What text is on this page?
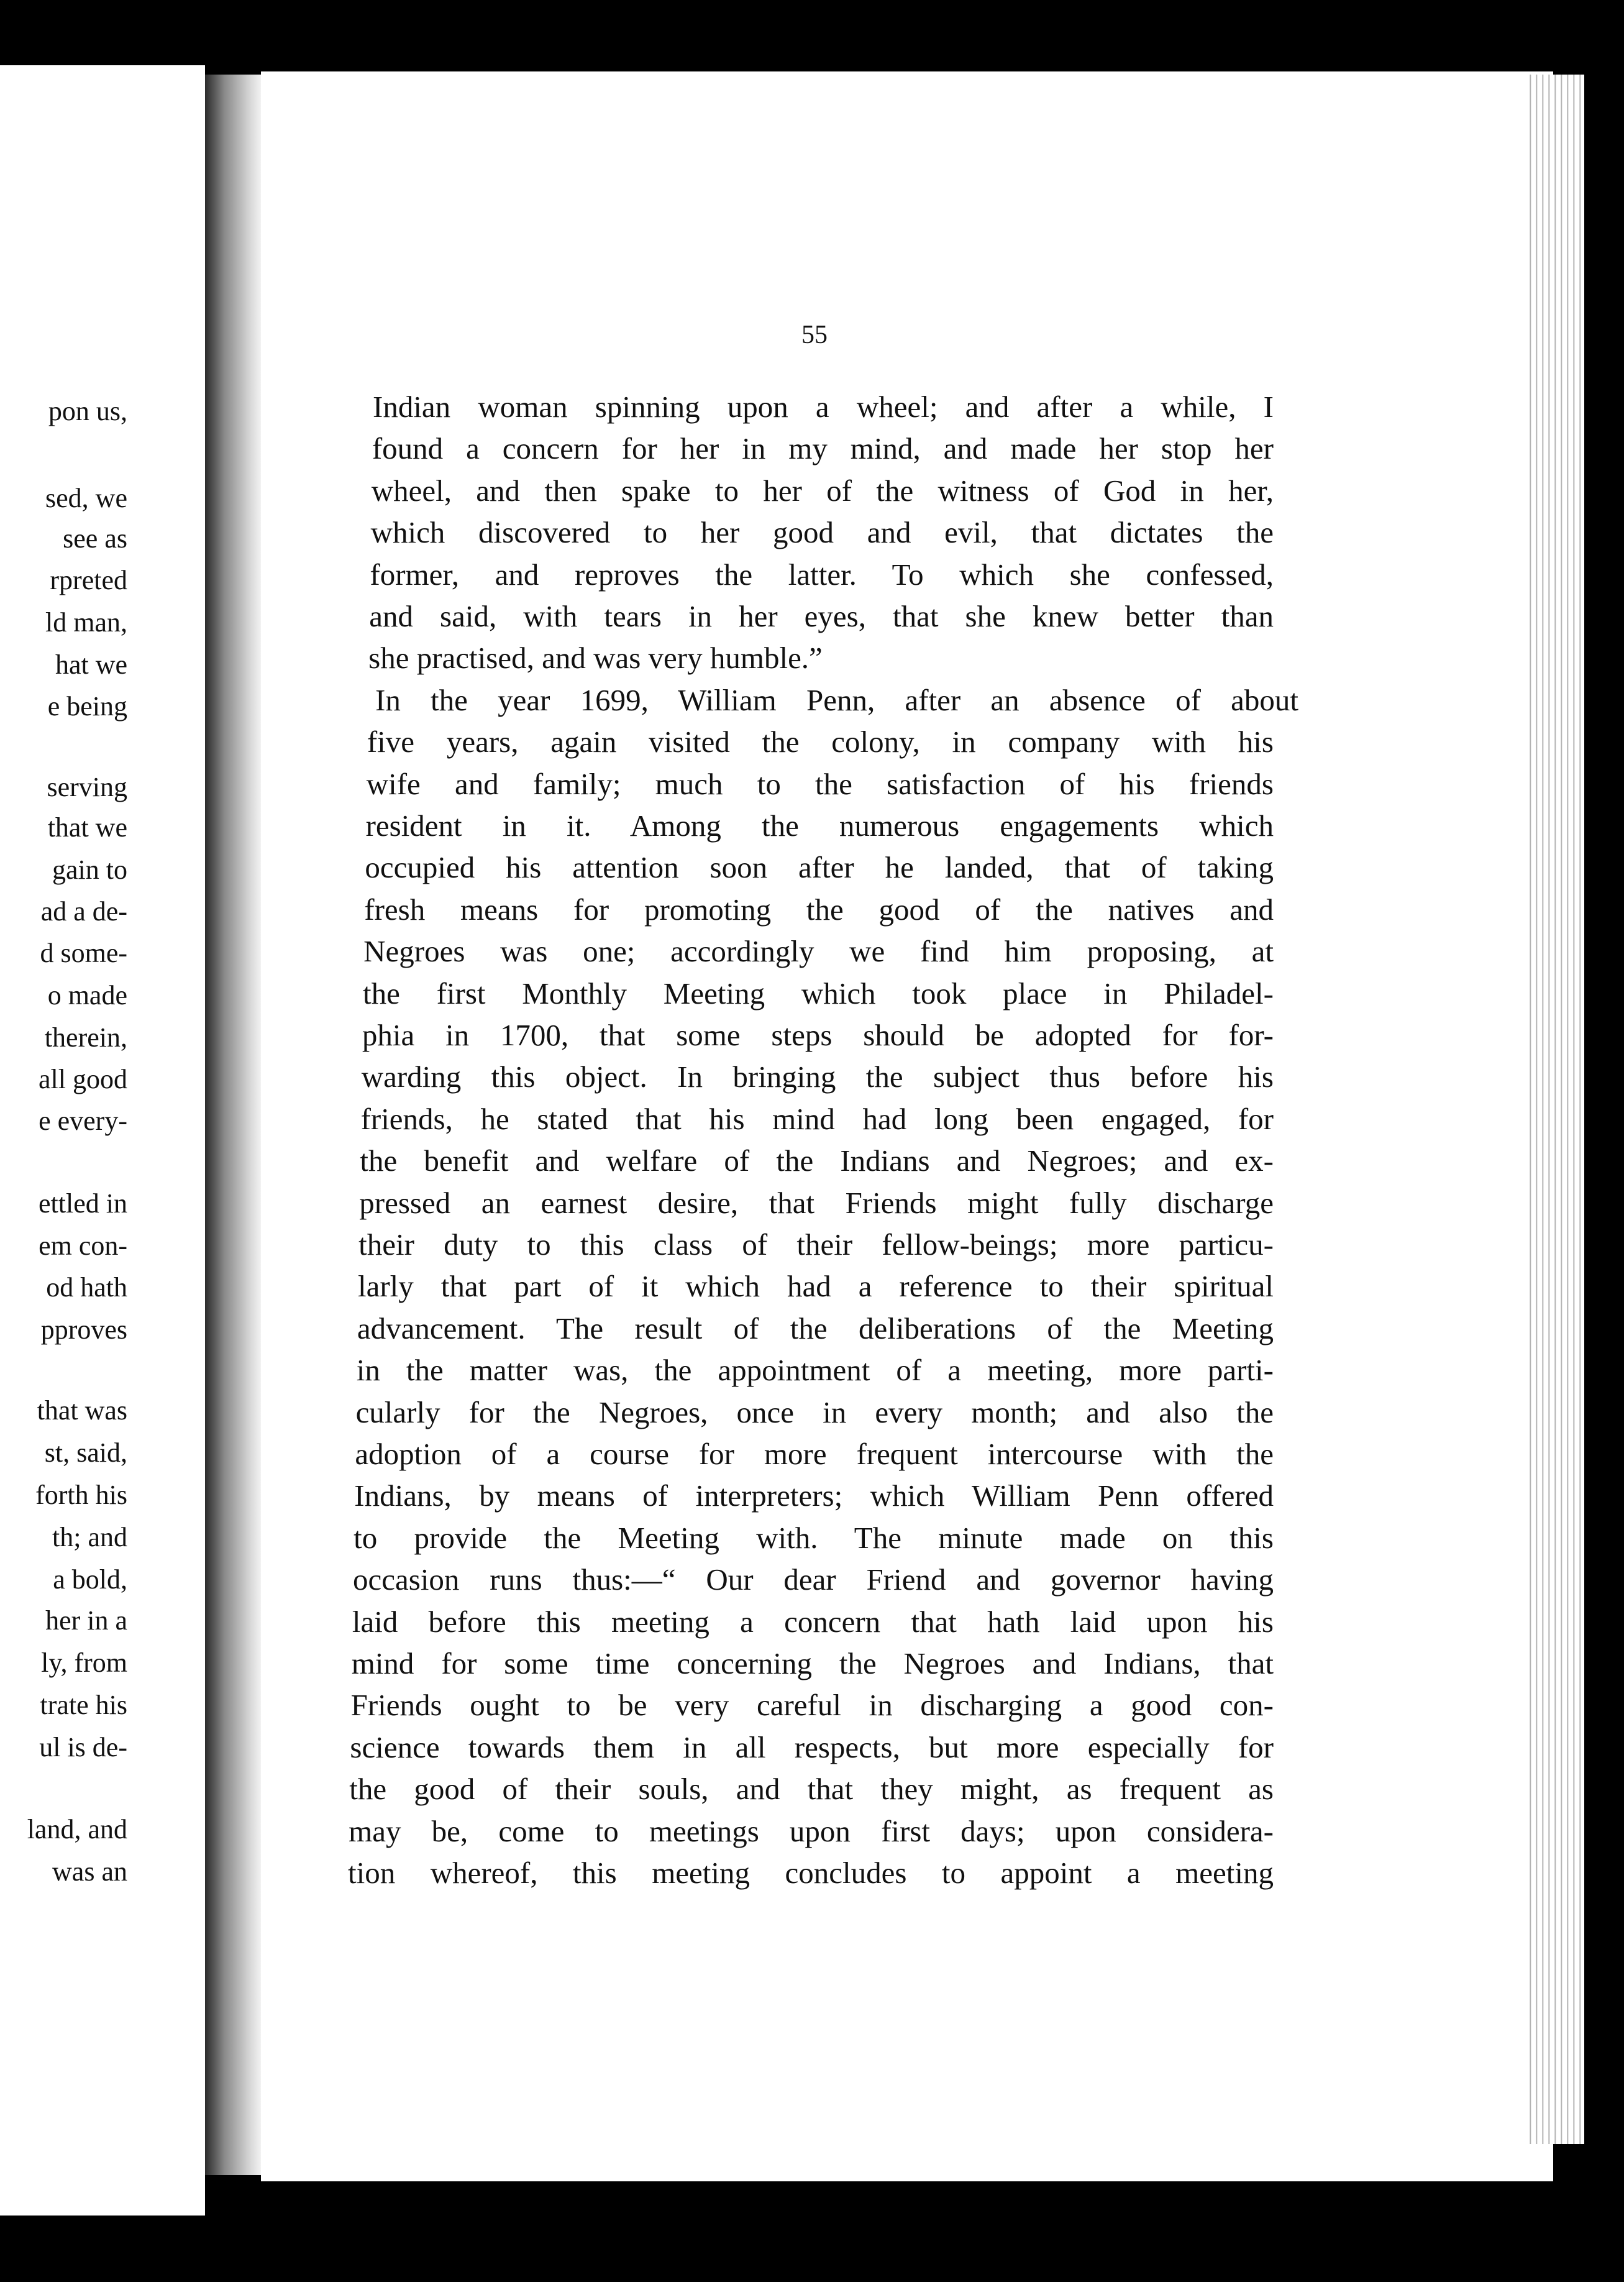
pon us,
sed, we
see as
rpreted
ld man,
hat we
e being
serving
that we
gain to
ad a de-
d some-
o made
therein,
all good
e every-
ettled in
em con-
od hath
pproves
that was
st, said,
forth his
th; and
a bold,
her in a
ly, from
trate his
ul is de-
land, and
was an
55
Indian woman spinning upon a wheel; and after a while, I
found a concern for her in my mind, and made her stop her
wheel, and then spake to her of the witness of God in her,
which discovered to her good and evil, that dictates the
former, and reproves the latter. To which she confessed,
and said, with tears in her eyes, that she knew better than
she practised, and was very humble.”
In the year 1699, William Penn, after an absence of about
five years, again visited the colony, in company with his
wife and family; much to the satisfaction of his friends
resident in it. Among the numerous engagements which
occupied his attention soon after he landed, that of taking
fresh means for promoting the good of the natives and
Negroes was one; accordingly we find him proposing, at
the first Monthly Meeting which took place in Philadel-
phia in 1700, that some steps should be adopted for for-
warding this object. In bringing the subject thus before his
friends, he stated that his mind had long been engaged, for
the benefit and welfare of the Indians and Negroes; and ex-
pressed an earnest desire, that Friends might fully discharge
their duty to this class of their fellow-beings; more particu-
larly that part of it which had a reference to their spiritual
advancement. The result of the deliberations of the Meeting
in the matter was, the appointment of a meeting, more parti-
cularly for the Negroes, once in every month; and also the
adoption of a course for more frequent intercourse with the
Indians, by means of interpreters; which William Penn offered
to provide the Meeting with. The minute made on this
occasion runs thus:—“ Our dear Friend and governor having
laid before this meeting a concern that hath laid upon his
mind for some time concerning the Negroes and Indians, that
Friends ought to be very careful in discharging a good con-
science towards them in all respects, but more especially for
the good of their souls, and that they might, as frequent as
may be, come to meetings upon first days; upon considera-
tion whereof, this meeting concludes to appoint a meeting
